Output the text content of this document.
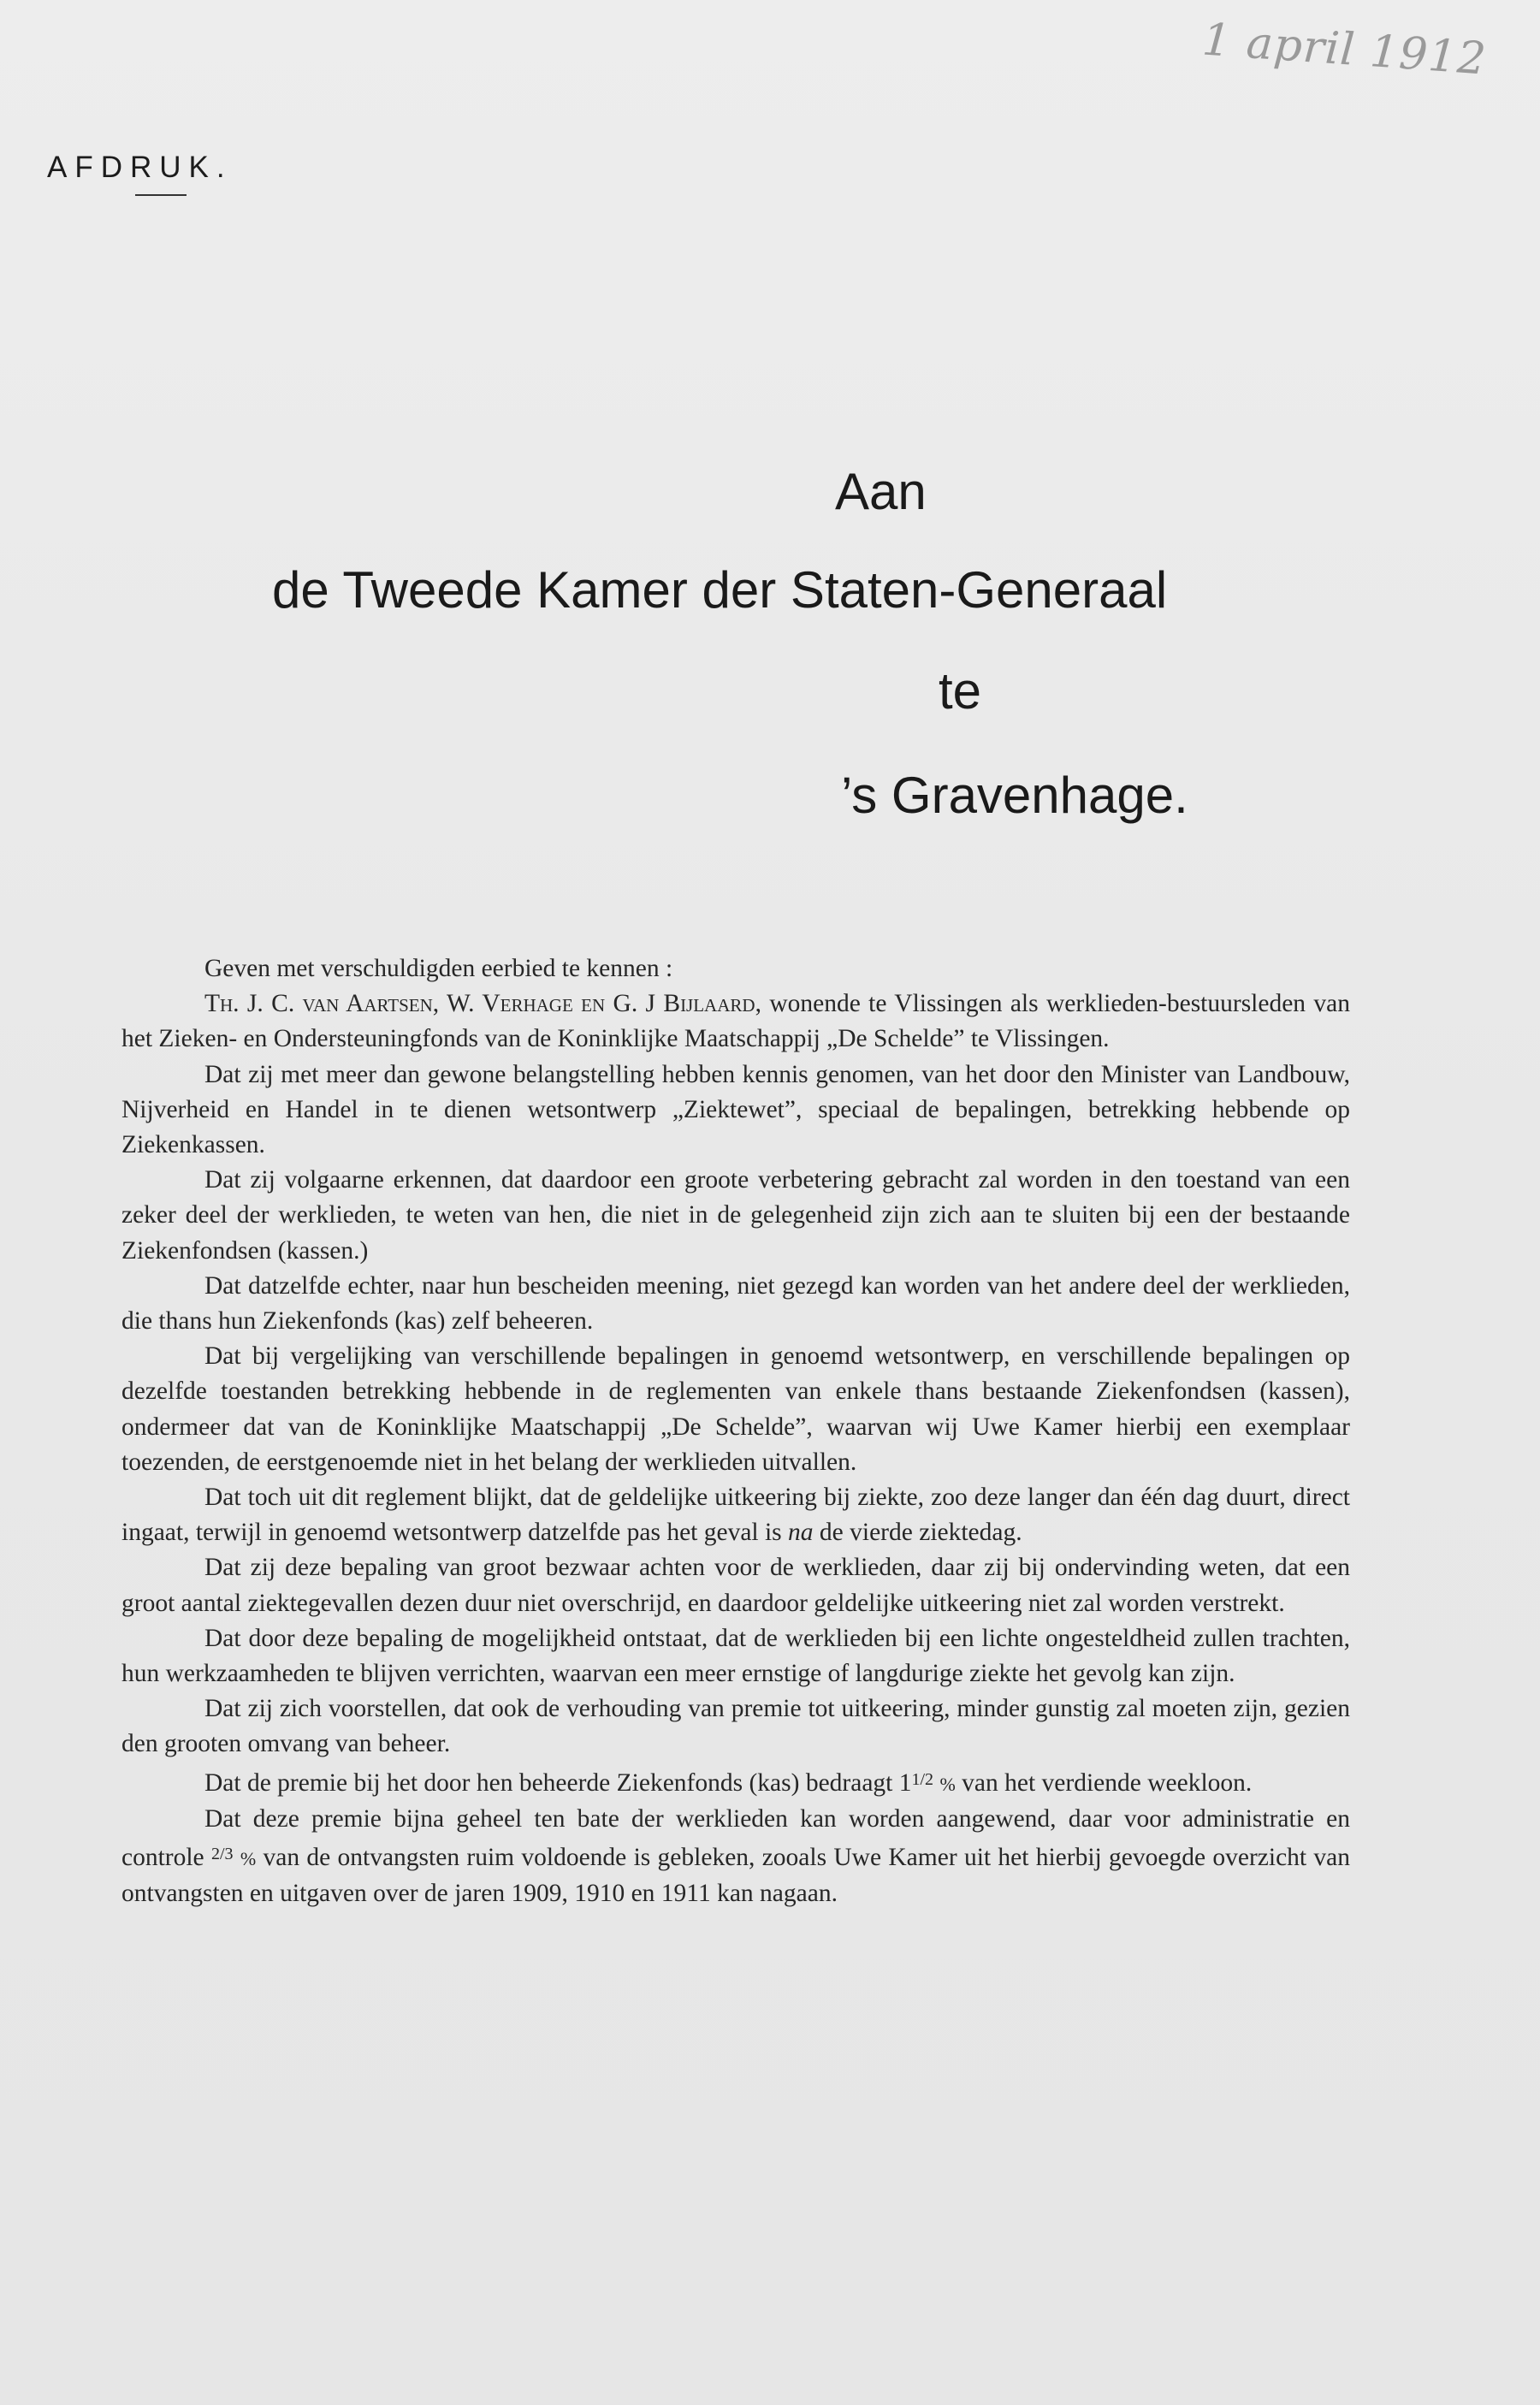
1 april 1912
AFDRUK.
Aan
de Tweede Kamer der Staten-Generaal
te
’s Gravenhage.

Geven met verschuldigden eerbied te kennen :

Th. J. C. van Aartsen, W. Verhage en G. J Bijlaard, wonende te Vlissingen als werklieden-bestuursleden van het Zieken- en Ondersteuningfonds van de Koninklijke Maatschappij „De Schelde” te Vlissingen.

Dat zij met meer dan gewone belangstelling hebben kennis genomen, van het door den Minister van Landbouw, Nijverheid en Handel in te dienen wetsontwerp „Ziektewet”, speciaal de bepalingen, betrekking hebbende op Ziekenkassen.

Dat zij volgaarne erkennen, dat daardoor een groote verbetering gebracht zal worden in den toestand van een zeker deel der werklieden, te weten van hen, die niet in de gelegenheid zijn zich aan te sluiten bij een der bestaande Ziekenfondsen (kassen.)

Dat datzelfde echter, naar hun bescheiden meening, niet gezegd kan worden van het andere deel der werklieden, die thans hun Ziekenfonds (kas) zelf beheeren.

Dat bij vergelijking van verschillende bepalingen in genoemd wetsontwerp, en verschillende bepalingen op dezelfde toestanden betrekking hebbende in de reglementen van enkele thans bestaande Ziekenfondsen (kassen), ondermeer dat van de Koninklijke Maatschappij „De Schelde”, waarvan wij Uwe Kamer hierbij een exemplaar toezenden, de eerstgenoemde niet in het belang der werklieden uitvallen.

Dat toch uit dit reglement blijkt, dat de geldelijke uitkeering bij ziekte, zoo deze langer dan één dag duurt, direct ingaat, terwijl in genoemd wetsontwerp datzelfde pas het geval is na de vierde ziektedag.

Dat zij deze bepaling van groot bezwaar achten voor de werklieden, daar zij bij ondervinding weten, dat een groot aantal ziektegevallen dezen duur niet overschrijd, en daardoor geldelijke uitkeering niet zal worden verstrekt.

Dat door deze bepaling de mogelijkheid ontstaat, dat de werklieden bij een lichte ongesteldheid zullen trachten, hun werkzaamheden te blijven verrichten, waarvan een meer ernstige of langdurige ziekte het gevolg kan zijn.

Dat zij zich voorstellen, dat ook de verhouding van premie tot uitkeering, minder gunstig zal moeten zijn, gezien den grooten omvang van beheer.

Dat de premie bij het door hen beheerde Ziekenfonds (kas) bedraagt $1^{1/2}$ % van het verdiende weekloon.

Dat deze premie bijna geheel ten bate der werklieden kan worden aangewend, daar voor administratie en controle $^{2/3}$ % van de ontvangsten ruim voldoende is gebleken, zooals Uwe Kamer uit het hierbij gevoegde overzicht van ontvangsten en uitgaven over de jaren 1909, 1910 en 1911 kan nagaan.
